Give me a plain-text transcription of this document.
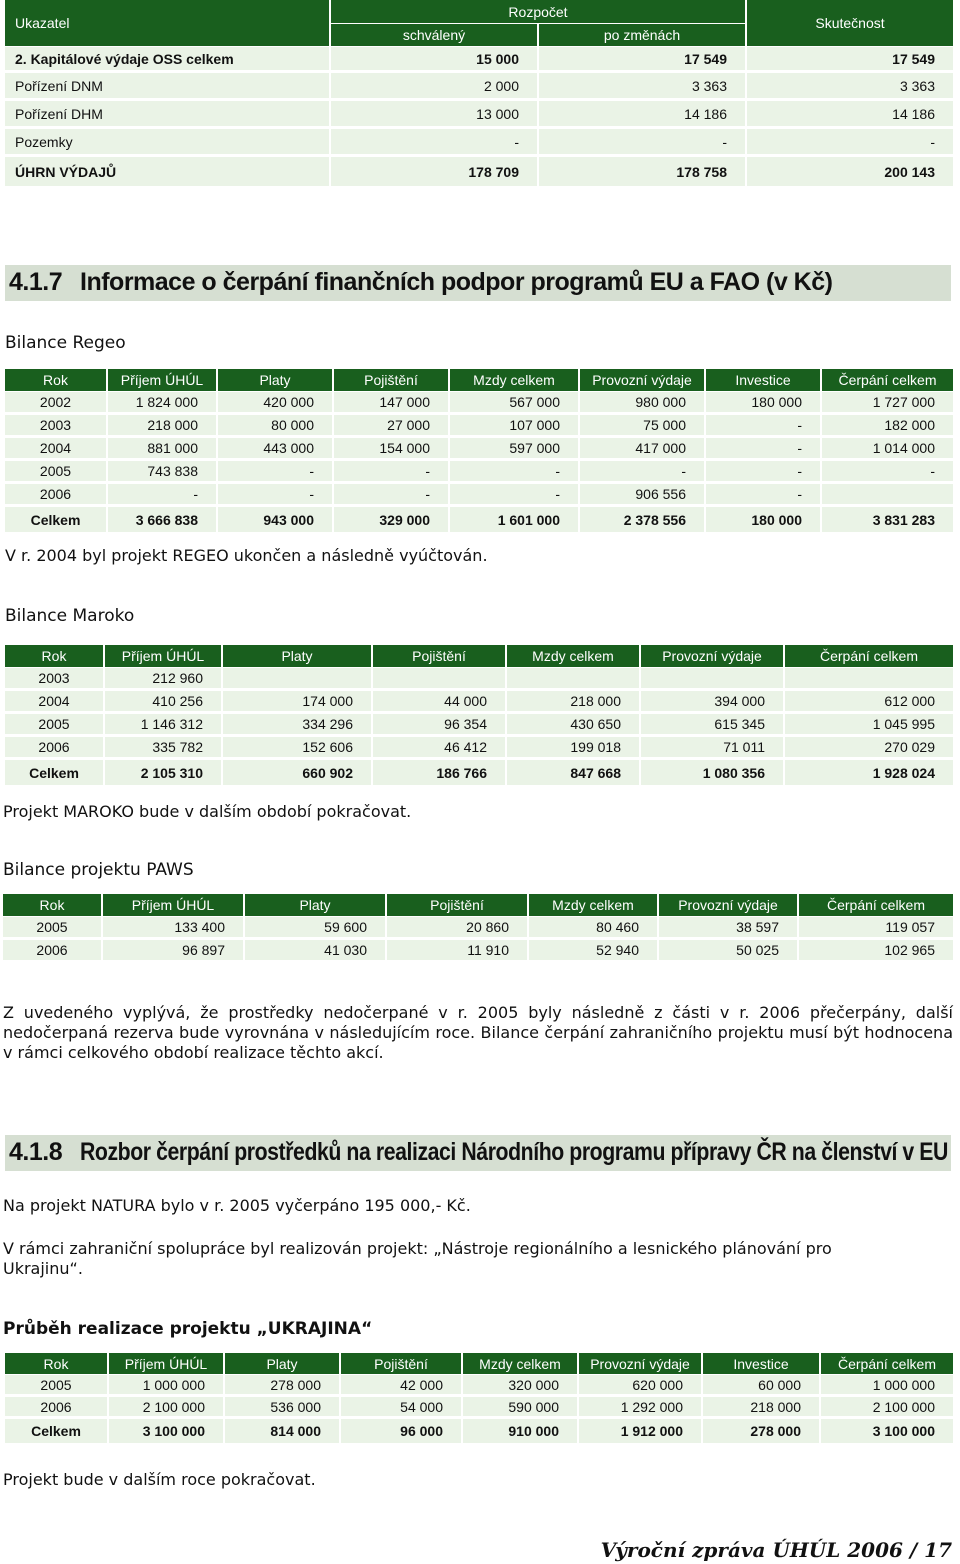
Ukazatel	Rozpočet		Skutečnost
	schválený	po změnách	
2. Kapitálové výdaje OSS celkem	15 000	17 549	17 549
Pořízení DNM	2 000	3 363	3 363
Pořízení DHM	13 000	14 186	14 186
Pozemky	-	-	-
ÚHRN VÝDAJŮ	178 709	178 758	200 143
4.1.7 Informace o čerpání finančních podpor programů EU a FAO (v Kč)
Bilance Regeo
Rok	Příjem ÚHÚL	Platy	Pojištění	Mzdy celkem	Provozní výdaje	Investice	Čerpání celkem
2002	1 824 000	420 000	147 000	567 000	980 000	180 000	1 727 000
2003	218 000	80 000	27 000	107 000	75 000	-	182 000
2004	881 000	443 000	154 000	597 000	417 000	-	1 014 000
2005	743 838	-	-	-	-	-	-
2006	-	-	-	-	906 556	-	
Celkem	3 666 838	943 000	329 000	1 601 000	2 378 556	180 000	3 831 283
V r. 2004 byl projekt REGEO ukončen a následně vyúčtován.
Bilance Maroko
Rok	Příjem ÚHÚL	Platy	Pojištění	Mzdy celkem	Provozní výdaje	Čerpání celkem
2003	212 960					
2004	410 256	174 000	44 000	218 000	394 000	612 000
2005	1 146 312	334 296	96 354	430 650	615 345	1 045 995
2006	335 782	152 606	46 412	199 018	71 011	270 029
Celkem	2 105 310	660 902	186 766	847 668	1 080 356	1 928 024
Projekt MAROKO bude v dalším období pokračovat.
Bilance projektu PAWS
Rok	Příjem ÚHÚL	Platy	Pojištění	Mzdy celkem	Provozní výdaje	Čerpání celkem
2005	133 400	59 600	20 860	80 460	38 597	119 057
2006	96 897	41 030	11 910	52 940	50 025	102 965
Z uvedeného vyplývá, že prostředky nedočerpané v r. 2005 byly následně z části v r. 2006 přečerpány, další nedočerpaná rezerva bude vyrovnána v následujícím roce. Bilance čerpání zahraničního projektu musí být hodnocena v rámci celkového období realizace těchto akcí.
4.1.8 Rozbor čerpání prostředků na realizaci Národního programu přípravy ČR na členství v EU
Na projekt NATURA bylo v r. 2005 vyčerpáno 195 000,- Kč.
V rámci zahraniční spolupráce byl realizován projekt: „Nástroje regionálního a lesnického plánování pro Ukrajinu“.
Průběh realizace projektu „UKRAJINA“
Rok	Příjem ÚHÚL	Platy	Pojištění	Mzdy celkem	Provozní výdaje	Investice	Čerpání celkem
2005	1 000 000	278 000	42 000	320 000	620 000	60 000	1 000 000
2006	2 100 000	536 000	54 000	590 000	1 292 000	218 000	2 100 000
Celkem	3 100 000	814 000	96 000	910 000	1 912 000	278 000	3 100 000
Projekt bude v dalším roce pokračovat.
Výroční zpráva ÚHÚL 2006 / 17
